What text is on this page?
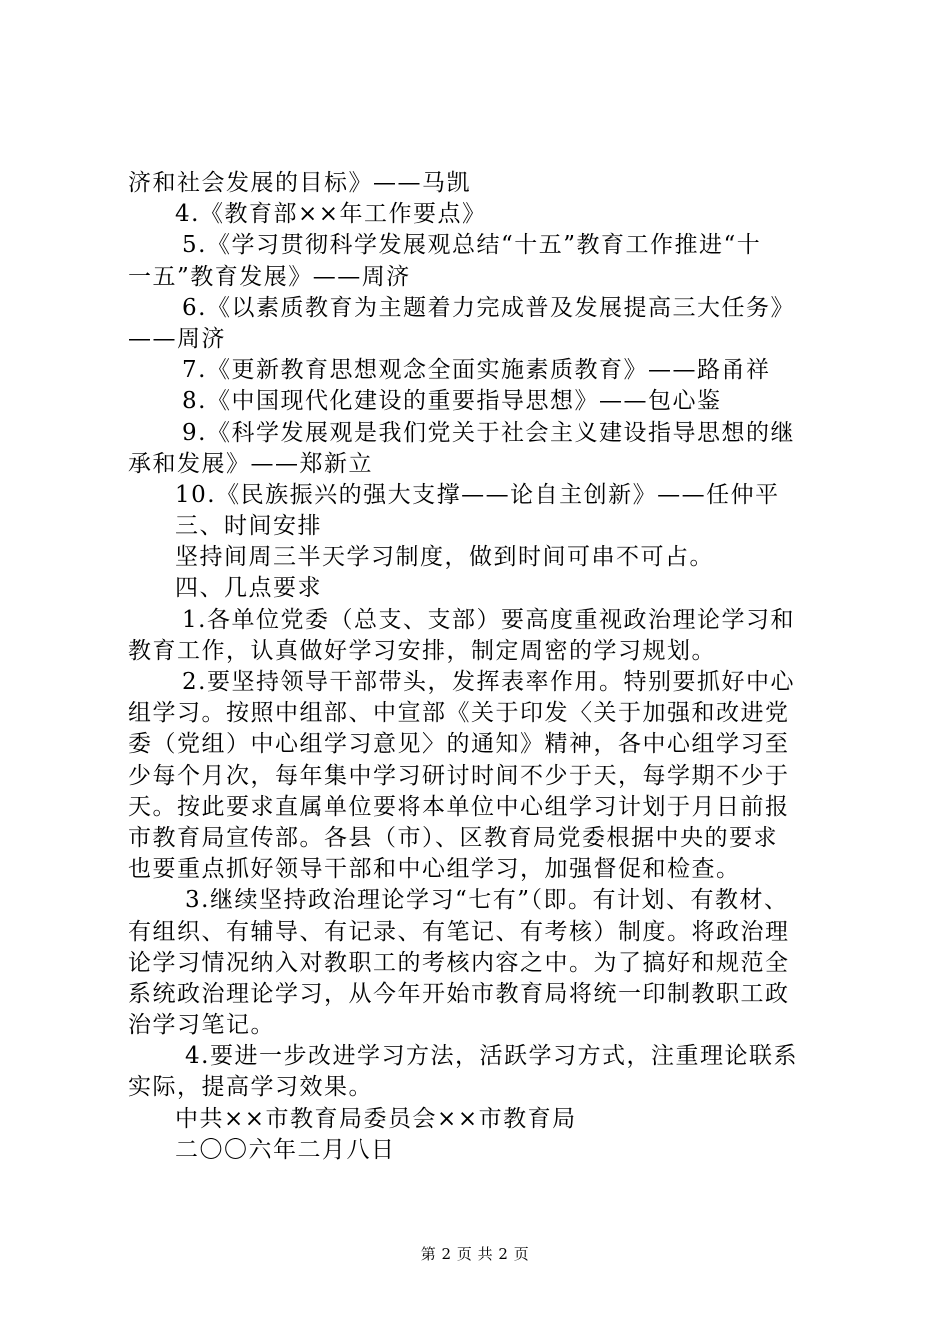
济和社会发展的目标》——马凯
4.《教育部××年工作要点》
5.《学习贯彻科学发展观总结“十五”教育工作推进“十
一五”教育发展》——周济
6.《以素质教育为主题着力完成普及发展提高三大任务》
——周济
7.《更新教育思想观念全面实施素质教育》——路甬祥
8.《中国现代化建设的重要指导思想》——包心鉴
9.《科学发展观是我们党关于社会主义建设指导思想的继
承和发展》——郑新立
10.《民族振兴的强大支撑——论自主创新》——任仲平
三、时间安排
坚持间周三半天学习制度，做到时间可串不可占。
四、几点要求
1.各单位党委（总支、支部）要高度重视政治理论学习和
教育工作，认真做好学习安排，制定周密的学习规划。
2.要坚持领导干部带头，发挥表率作用。特别要抓好中心
组学习。按照中组部、中宣部《关于印发〈关于加强和改进党
委（党组）中心组学习意见〉的通知》精神，各中心组学习至
少每个月次，每年集中学习研讨时间不少于天，每学期不少于
天。按此要求直属单位要将本单位中心组学习计划于月日前报
市教育局宣传部。各县（市）、区教育局党委根据中央的要求
也要重点抓好领导干部和中心组学习，加强督促和检查。
3.继续坚持政治理论学习“七有”（即。有计划、有教材、
有组织、有辅导、有记录、有笔记、有考核）制度。将政治理
论学习情况纳入对教职工的考核内容之中。为了搞好和规范全
系统政治理论学习，从今年开始市教育局将统一印制教职工政
治学习笔记。
4.要进一步改进学习方法，活跃学习方式，注重理论联系
实际，提高学习效果。
中共××市教育局委员会××市教育局
二〇〇六年二月八日
第 2 页 共 2 页
